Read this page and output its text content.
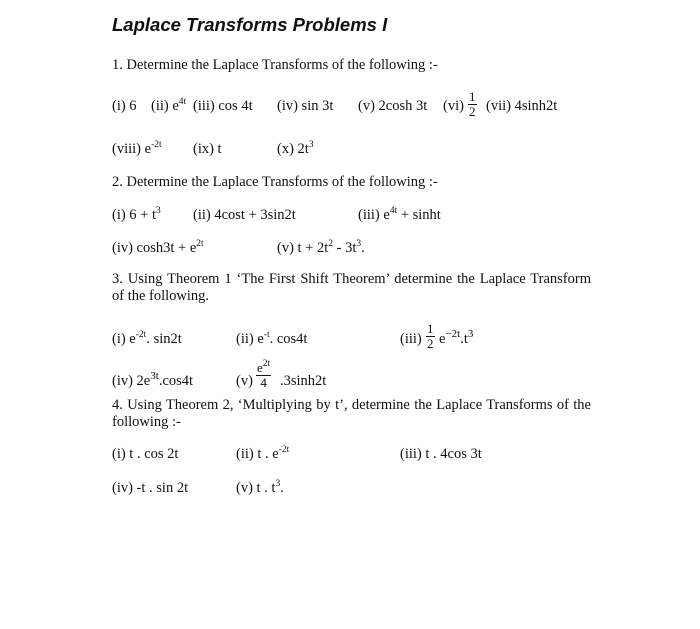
Laplace Transforms Problems I
1. Determine the Laplace Transforms of the following :-
(i) 6 (ii) $e^{4t}$ (iii) cos 4t (iv) sin 3t (v) 2cosh 3t $(vi) \frac{1}{2} (vii)$ 4sinh2t
(viii) $e^{-2t}$ (ix) t	(x) $2t^3$
2. Determine the Laplace Transforms of the following :-
(i) $6 + t^3$ (ii) 4cost + 3sin2t	(iii) $e^{4t} + \sinh t$
(iv) $\cosh 3t + e^{2t}$	(v) $t + 2t^2 - 3t^3$.
3. Using Theorem 1 ‘The First Shift Theorem’ determine the Laplace Transform of the following.
(i) $e^{-2t}$. sin2t	(ii) $e^{-t}$. cos4t	$(iii) \frac{1}{2} e^{-2t}.t^3$
(iv) $2e^{3t}.\cos 4t$	$(v) \frac{e^{2t}}{4} .3\sinh 2t$
4. Using Theorem 2, ‘Multiplying by t’, determine the Laplace Transforms of the following :-
(i) t . cos 2t	(ii) t . $e^{-2t}$	(iii) t . 4cos 3t
(iv) -t . sin 2t	(v) t . $t^3$.
